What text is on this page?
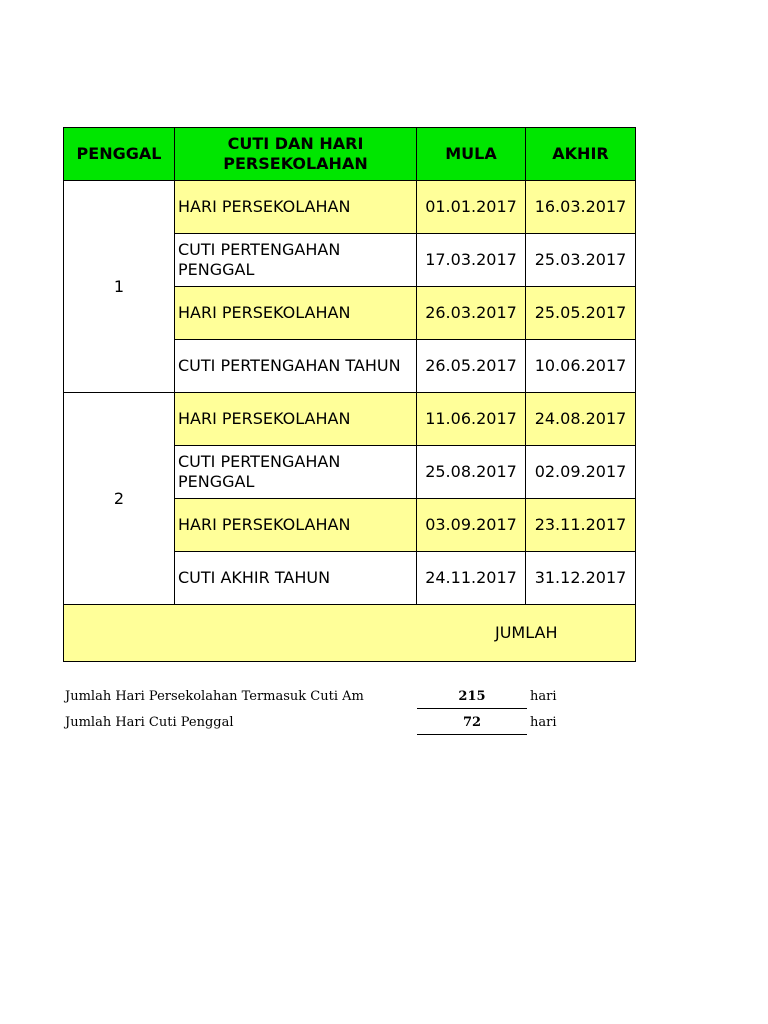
PENGGAL	CUTI DAN HARI PERSEKOLAHAN	MULA	AKHIR
1	HARI PERSEKOLAHAN	01.01.2017	16.03.2017
	CUTI PERTENGAHAN PENGGAL	17.03.2017	25.03.2017
	HARI PERSEKOLAHAN	26.03.2017	25.05.2017
	CUTI PERTENGAHAN TAHUN	26.05.2017	10.06.2017
2	HARI PERSEKOLAHAN	11.06.2017	24.08.2017
	CUTI PERTENGAHAN PENGGAL	25.08.2017	02.09.2017
	HARI PERSEKOLAHAN	03.09.2017	23.11.2017
	CUTI AKHIR TAHUN	24.11.2017	31.12.2017

JUMLAH			
Jumlah Hari Persekolahan Termasuk Cuti Am	215	hari
Jumlah Hari Cuti Penggal	72	hari
